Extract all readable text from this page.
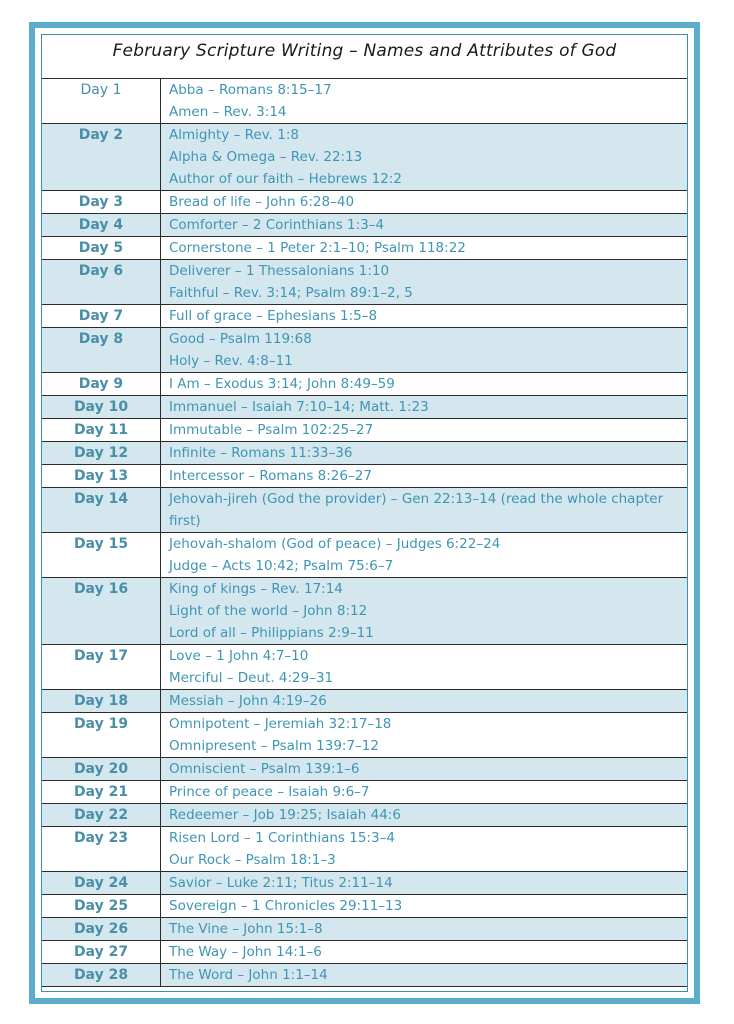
February Scripture Writing – Names and Attributes of God
Day 1	Abba – Romans 8:15–17
Amen – Rev. 3:14
Day 2	Almighty – Rev. 1:8
Alpha & Omega – Rev. 22:13
Author of our faith – Hebrews 12:2
Day 3	Bread of life – John 6:28–40
Day 4	Comforter – 2 Corinthians 1:3–4
Day 5	Cornerstone – 1 Peter 2:1–10; Psalm 118:22
Day 6	Deliverer – 1 Thessalonians 1:10
Faithful – Rev. 3:14; Psalm 89:1–2, 5
Day 7	Full of grace – Ephesians 1:5–8
Day 8	Good – Psalm 119:68
Holy – Rev. 4:8–11
Day 9	I Am – Exodus 3:14; John 8:49–59
Day 10	Immanuel – Isaiah 7:10–14; Matt. 1:23
Day 11	Immutable – Psalm 102:25–27
Day 12	Infinite – Romans 11:33–36
Day 13	Intercessor – Romans 8:26–27
Day 14	Jehovah-jireh (God the provider) – Gen 22:13–14 (read the whole chapter first)
Day 15	Jehovah-shalom (God of peace) – Judges 6:22–24
Judge – Acts 10:42; Psalm 75:6–7
Day 16	King of kings – Rev. 17:14
Light of the world – John 8:12
Lord of all – Philippians 2:9–11
Day 17	Love – 1 John 4:7–10
Merciful – Deut. 4:29–31
Day 18	Messiah – John 4:19–26
Day 19	Omnipotent – Jeremiah 32:17–18
Omnipresent – Psalm 139:7–12
Day 20	Omniscient – Psalm 139:1–6
Day 21	Prince of peace – Isaiah 9:6–7
Day 22	Redeemer – Job 19:25; Isaiah 44:6
Day 23	Risen Lord – 1 Corinthians 15:3–4
Our Rock – Psalm 18:1–3
Day 24	Savior – Luke 2:11; Titus 2:11–14
Day 25	Sovereign – 1 Chronicles 29:11–13
Day 26	The Vine – John 15:1–8
Day 27	The Way – John 14:1–6
Day 28	The Word – John 1:1–14
